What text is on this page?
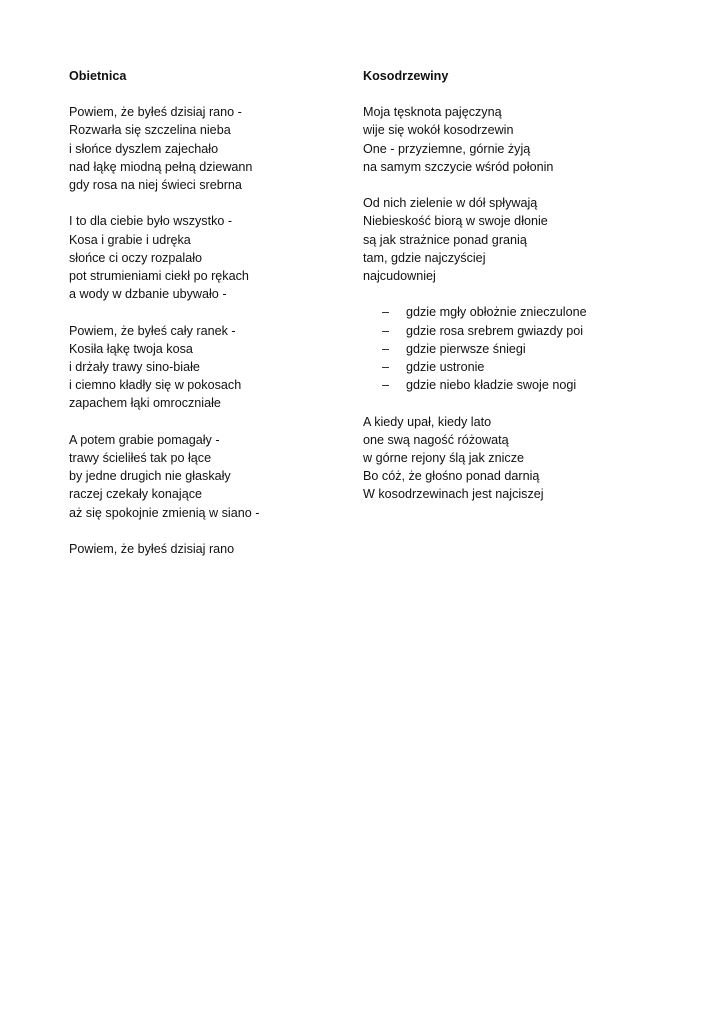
Obietnica
Powiem, że byłeś dzisiaj rano -
Rozwarła się szczelina nieba
i słońce dyszlem zajechało
nad łąkę miodną pełną dziewann
gdy rosa na niej świeci srebrna
I to dla ciebie było wszystko -
Kosa i grabie i udręka
słońce ci oczy rozpalało
pot strumieniami ciekł po rękach
a wody w dzbanie ubywało -
Powiem, że byłeś cały ranek -
Kosiła łąkę twoja kosa
i drżały trawy sino-białe
i ciemno kładły się w pokosach
zapachem łąki omroczniałe
A potem grabie pomagały -
trawy ścieliłeś tak po łące
by jedne drugich nie głaskały
raczej czekały konające
aż się spokojnie zmienią w siano -
Powiem, że byłeś dzisiaj rano
Kosodrzewiny
Moja tęsknota pajęczyną
wije się wokół kosodrzewin
One - przyziemne, górnie żyją
na samym szczycie wśród połonin
Od nich zielenie w dół spływają
Niebieskość biorą w swoje dłonie
są jak strażnice ponad granią
tam, gdzie najczyściej
najcudowniej
– gdzie mgły obłożnie znieczulone
– gdzie rosa srebrem gwiazdy poi
– gdzie pierwsze śniegi
– gdzie ustronie
– gdzie niebo kładzie swoje nogi
A kiedy upał, kiedy lato
one swą nagość różowatą
w górne rejony ślą jak znicze
Bo cóż, że głośno ponad darnią
W kosodrzewinach jest najciszej
